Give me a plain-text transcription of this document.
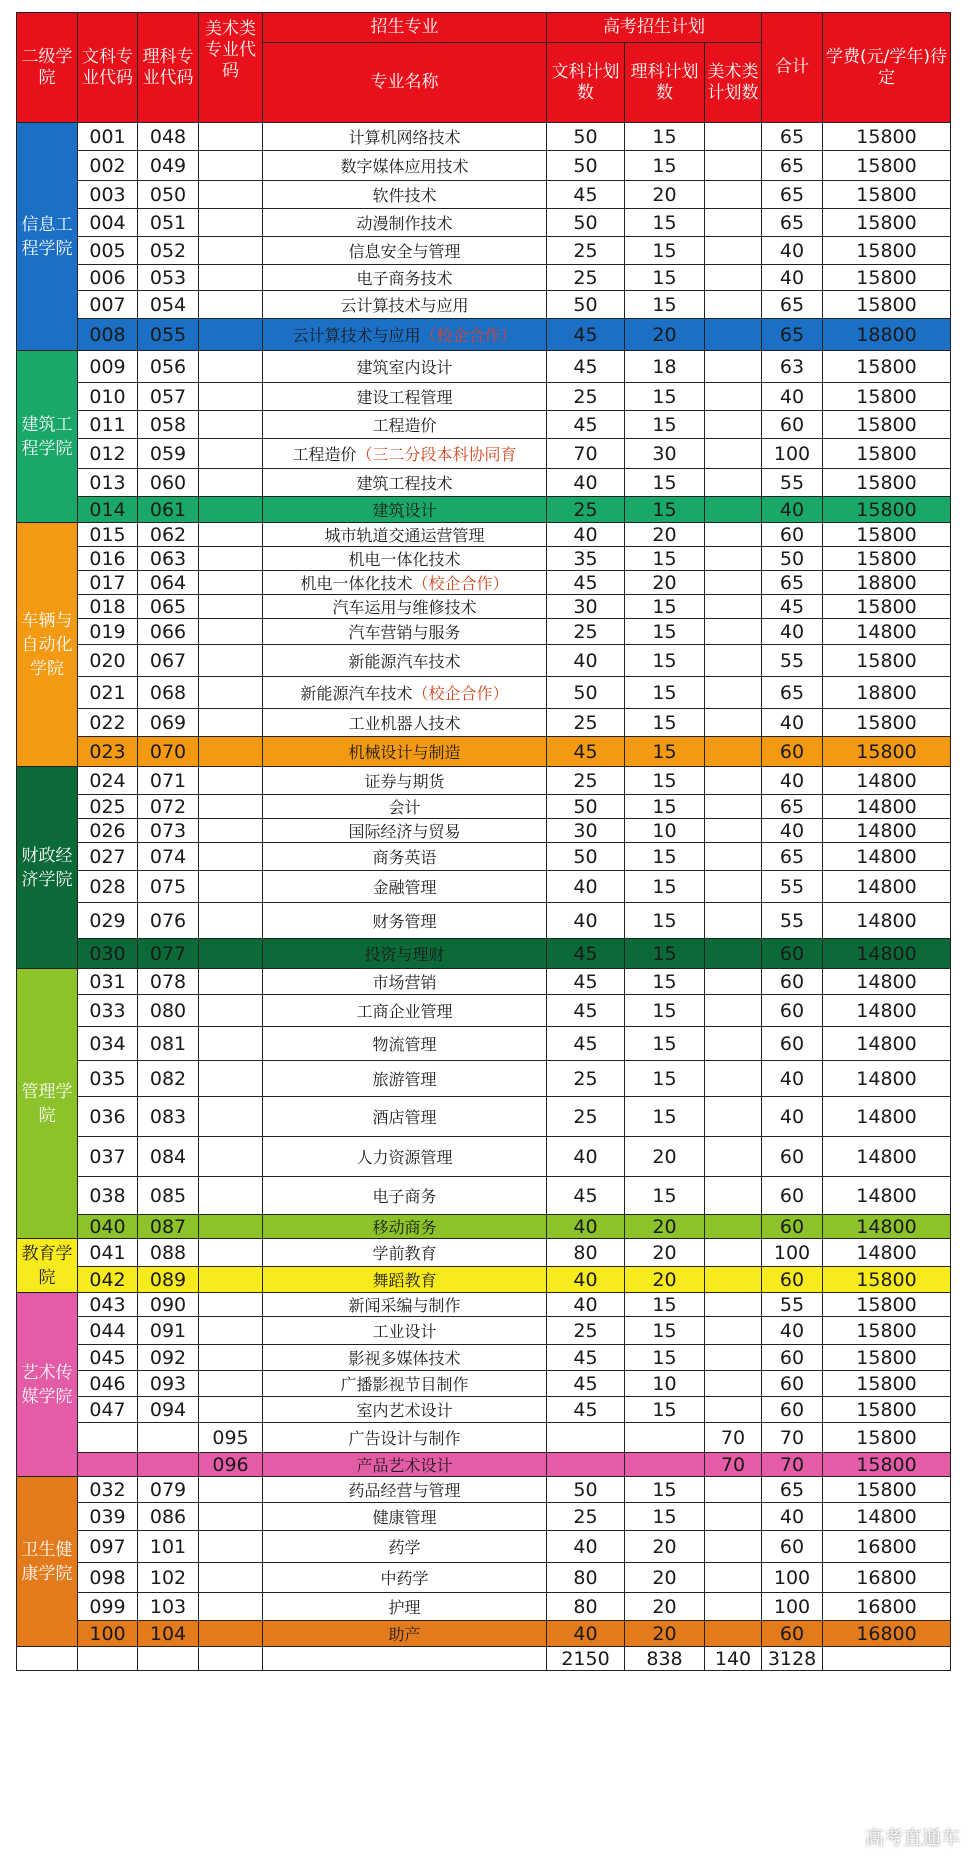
二级学院	文科专业代码	理科专业代码	美术类专业代码	招生专业	高考招生计划			合计	学费(元/学年)待定
				专业名称	文科计划数	理科计划数	美术类计划数		
信息工程学院	001	048		计算机网络技术	50	15		65	15800
	002	049		数字媒体应用技术	50	15		65	15800
	003	050		软件技术	45	20		65	15800
	004	051		动漫制作技术	50	15		65	15800
	005	052		信息安全与管理	25	15		40	15800
	006	053		电子商务技术	25	15		40	15800
	007	054		云计算技术与应用	50	15		65	15800
	008	055		云计算技术与应用（校企合作）	45	20		65	18800
建筑工程学院	009	056		建筑室内设计	45	18		63	15800
	010	057		建设工程管理	25	15		40	15800
	011	058		工程造价	45	15		60	15800
	012	059		工程造价（三二分段本科协同育	70	30		100	15800
	013	060		建筑工程技术	40	15		55	15800
	014	061		建筑设计	25	15		40	15800
车辆与自动化学院	015	062		城市轨道交通运营管理	40	20		60	15800
	016	063		机电一体化技术	35	15		50	15800
	017	064		机电一体化技术（校企合作）	45	20		65	18800
	018	065		汽车运用与维修技术	30	15		45	15800
	019	066		汽车营销与服务	25	15		40	14800
	020	067		新能源汽车技术	40	15		55	15800
	021	068		新能源汽车技术（校企合作）	50	15		65	18800
	022	069		工业机器人技术	25	15		40	15800
	023	070		机械设计与制造	45	15		60	15800
财政经济学院	024	071		证券与期货	25	15		40	14800
	025	072		会计	50	15		65	14800
	026	073		国际经济与贸易	30	10		40	14800
	027	074		商务英语	50	15		65	14800
	028	075		金融管理	40	15		55	14800
	029	076		财务管理	40	15		55	14800
	030	077		投资与理财	45	15		60	14800
管理学院	031	078		市场营销	45	15		60	14800
	033	080		工商企业管理	45	15		60	14800
	034	081		物流管理	45	15		60	14800
	035	082		旅游管理	25	15		40	14800
	036	083		酒店管理	25	15		40	14800
	037	084		人力资源管理	40	20		60	14800
	038	085		电子商务	45	15		60	14800
	040	087		移动商务	40	20		60	14800
教育学院	041	088		学前教育	80	20		100	14800
	042	089		舞蹈教育	40	20		60	15800
艺术传媒学院	043	090		新闻采编与制作	40	15		55	15800
	044	091		工业设计	25	15		40	15800
	045	092		影视多媒体技术	45	15		60	15800
	046	093		广播影视节目制作	45	10		60	15800
	047	094		室内艺术设计	45	15		60	15800
			095	广告设计与制作			70	70	15800
			096	产品艺术设计			70	70	15800
卫生健康学院	032	079		药品经营与管理	50	15		65	15800
	039	086		健康管理	25	15		40	14800
	097	101		药学	40	20		60	16800
	098	102		中药学	80	20		100	16800
	099	103		护理	80	20		100	16800
	100	104		助产	40	20		60	16800
					2150	838	140	3128	
高考直通车
